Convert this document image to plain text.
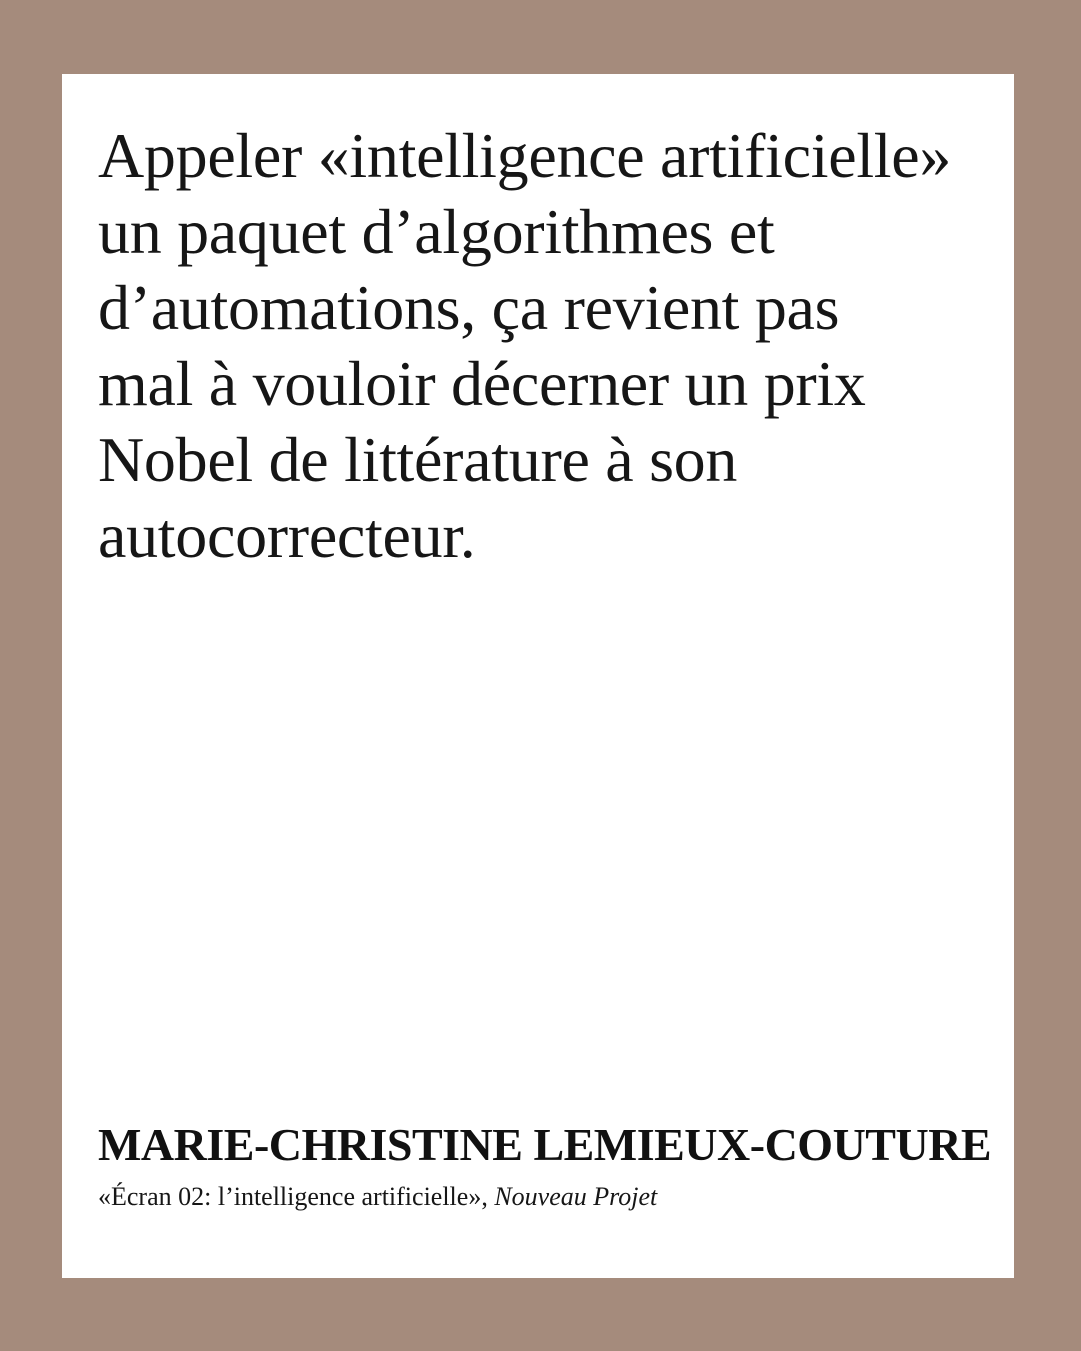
Appeler «intelligence artificielle»
un paquet d’algorithmes et
d’automations, ça revient pas
mal à vouloir décerner un prix
Nobel de littérature à son
autocorrecteur.
MARIE-CHRISTINE LEMIEUX-COUTURE
«Écran 02: l’intelligence artificielle», Nouveau Projet
